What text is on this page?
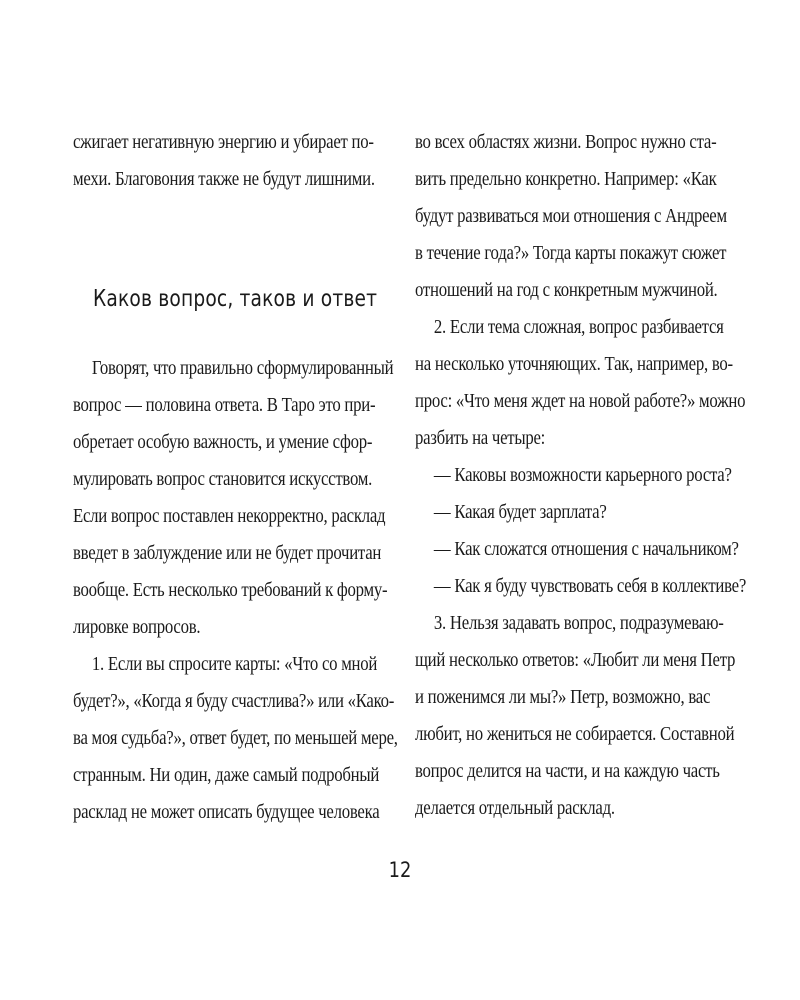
сжигает негативную энергию и убирает по-
мехи. Благовония также не будут лишними.
Каков вопрос, таков и ответ
Говорят, что правильно сформулированный
вопрос — половина ответа. В Таро это при-
обретает особую важность, и умение сфор-
мулировать вопрос становится искусством.
Если вопрос поставлен некорректно, расклад
введет в заблуждение или не будет прочитан
вообще. Есть несколько требований к форму-
лировке вопросов.
1. Если вы спросите карты: «Что со мной
будет?», «Когда я буду счастлива?» или «Како-
ва моя судьба?», ответ будет, по меньшей мере,
странным. Ни один, даже самый подробный
расклад не может описать будущее человека
во всех областях жизни. Вопрос нужно ста-
вить предельно конкретно. Например: «Как
будут развиваться мои отношения с Андреем
в течение года?» Тогда карты покажут сюжет
отношений на год с конкретным мужчиной.
2. Если тема сложная, вопрос разбивается
на несколько уточняющих. Так, например, во-
прос: «Что меня ждет на новой работе?» можно
разбить на четыре:
— Каковы возможности карьерного роста?
— Какая будет зарплата?
— Как сложатся отношения с начальником?
— Как я буду чувствовать себя в коллективе?
3. Нельзя задавать вопрос, подразумеваю-
щий несколько ответов: «Любит ли меня Петр
и поженимся ли мы?» Петр, возможно, вас
любит, но жениться не собирается. Составной
вопрос делится на части, и на каждую часть
делается отдельный расклад.
12
